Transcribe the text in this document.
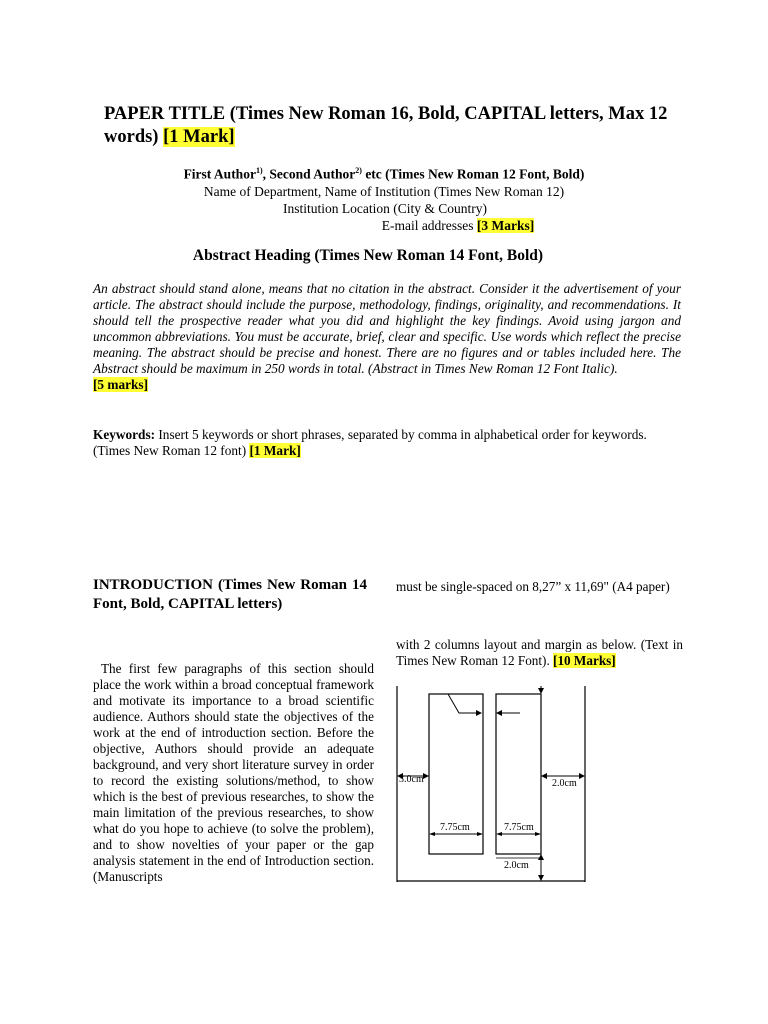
PAPER TITLE (Times New Roman 16, Bold, CAPITAL letters, Max 12 words) [1 Mark]
First Author$^{1)}$, Second Author$^{2)}$ etc (Times New Roman 12 Font, Bold)
Name of Department, Name of Institution (Times New Roman 12)
Institution Location (City & Country)
E-mail addresses [3 Marks]
Abstract Heading (Times New Roman 14 Font, Bold)
An abstract should stand alone, means that no citation in the abstract. Consider it the advertisement of your article. The abstract should include the purpose, methodology, findings, originality, and recommendations. It should tell the prospective reader what you did and highlight the key findings. Avoid using jargon and uncommon abbreviations. You must be accurate, brief, clear and specific. Use words which reflect the precise meaning. The abstract should be precise and honest. There are no figures and or tables included here. The Abstract should be maximum in 250 words in total. (Abstract in Times New Roman 12 Font Italic).
[5 marks]
Keywords: Insert 5 keywords or short phrases, separated by comma in alphabetical order for keywords. (Times New Roman 12 font) [1 Mark]
INTRODUCTION (Times New Roman 14 Font, Bold, CAPITAL letters)
The first few paragraphs of this section should place the work within a broad conceptual framework and motivate its importance to a broad scientific audience. Authors should state the objectives of the work at the end of introduction section. Before the objective, Authors should provide an adequate background, and very short literature survey in order to record the existing solutions/method, to show which is the best of previous researches, to show the main limitation of the previous researches, to show what do you hope to achieve (to solve the problem), and to show novelties of your paper or the gap analysis statement in the end of Introduction section. (Manuscripts
must be single-spaced on 8,27” x 11,69" (A4 paper)
with 2 columns layout and margin as below. (Text in Times New Roman 12 Font). [10 Marks]
3.0cm	2.0cm
7.75cm	7.75cm
2.0cm
